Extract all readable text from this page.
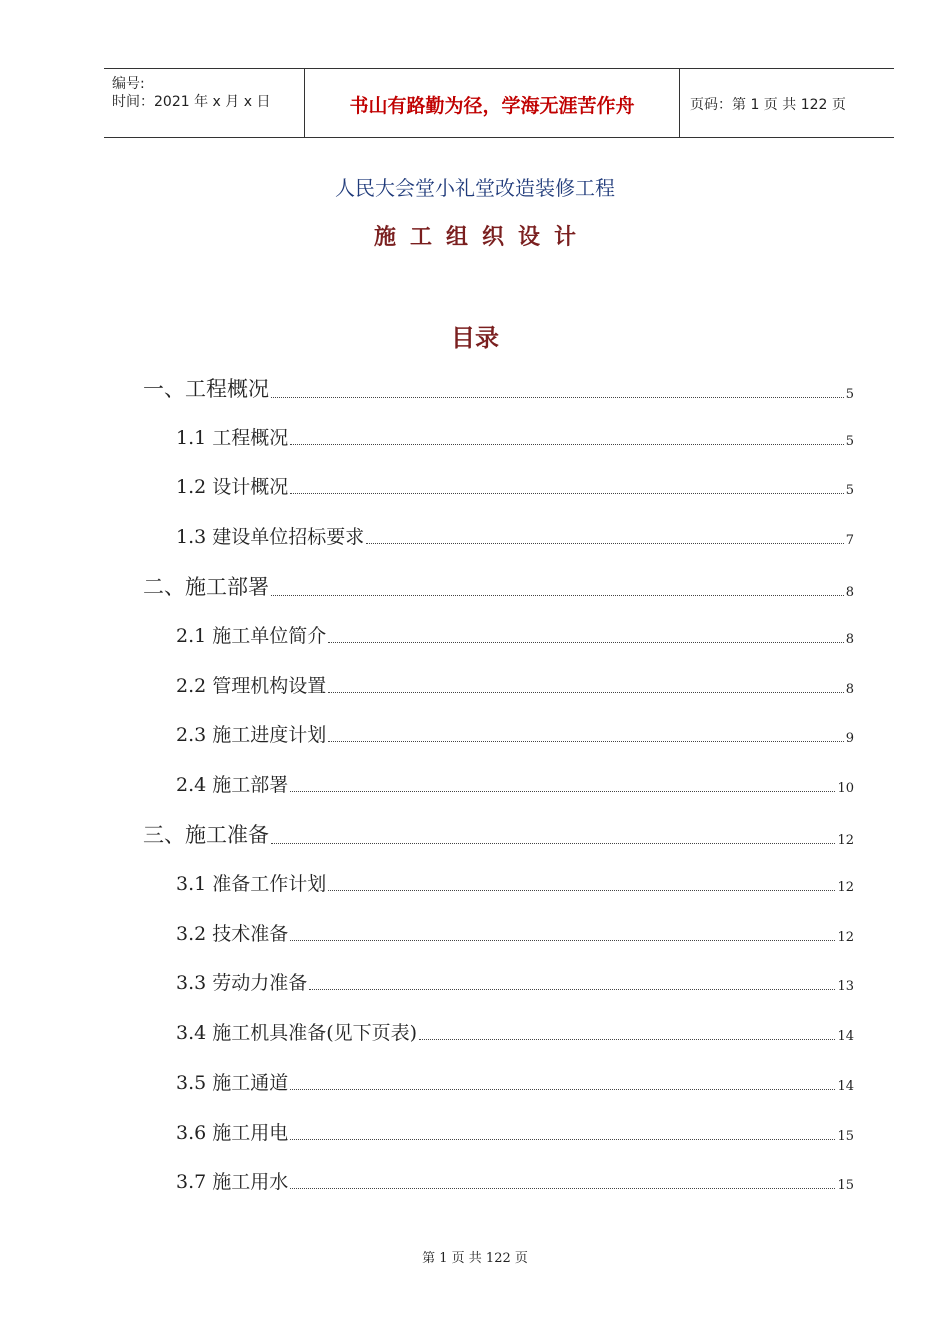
编号:
时间：2021 年 x 月 x 日	书山有路勤为径，学海无涯苦作舟	页码：第 1 页 共 122 页
人民大会堂小礼堂改造装修工程
施工组织设计
目录
一、工程概况	5
1.1 工程概况	5
1.2 设计概况	5
1.3 建设单位招标要求	7
二、施工部署	8
2.1 施工单位简介	8
2.2 管理机构设置	8
2.3 施工进度计划	9
2.4 施工部署	10
三、施工准备	12
3.1 准备工作计划	12
3.2 技术准备	12
3.3 劳动力准备	13
3.4 施工机具准备(见下页表)	14
3.5 施工通道	14
3.6 施工用电	15
3.7 施工用水	15
第 1 页 共 122 页
